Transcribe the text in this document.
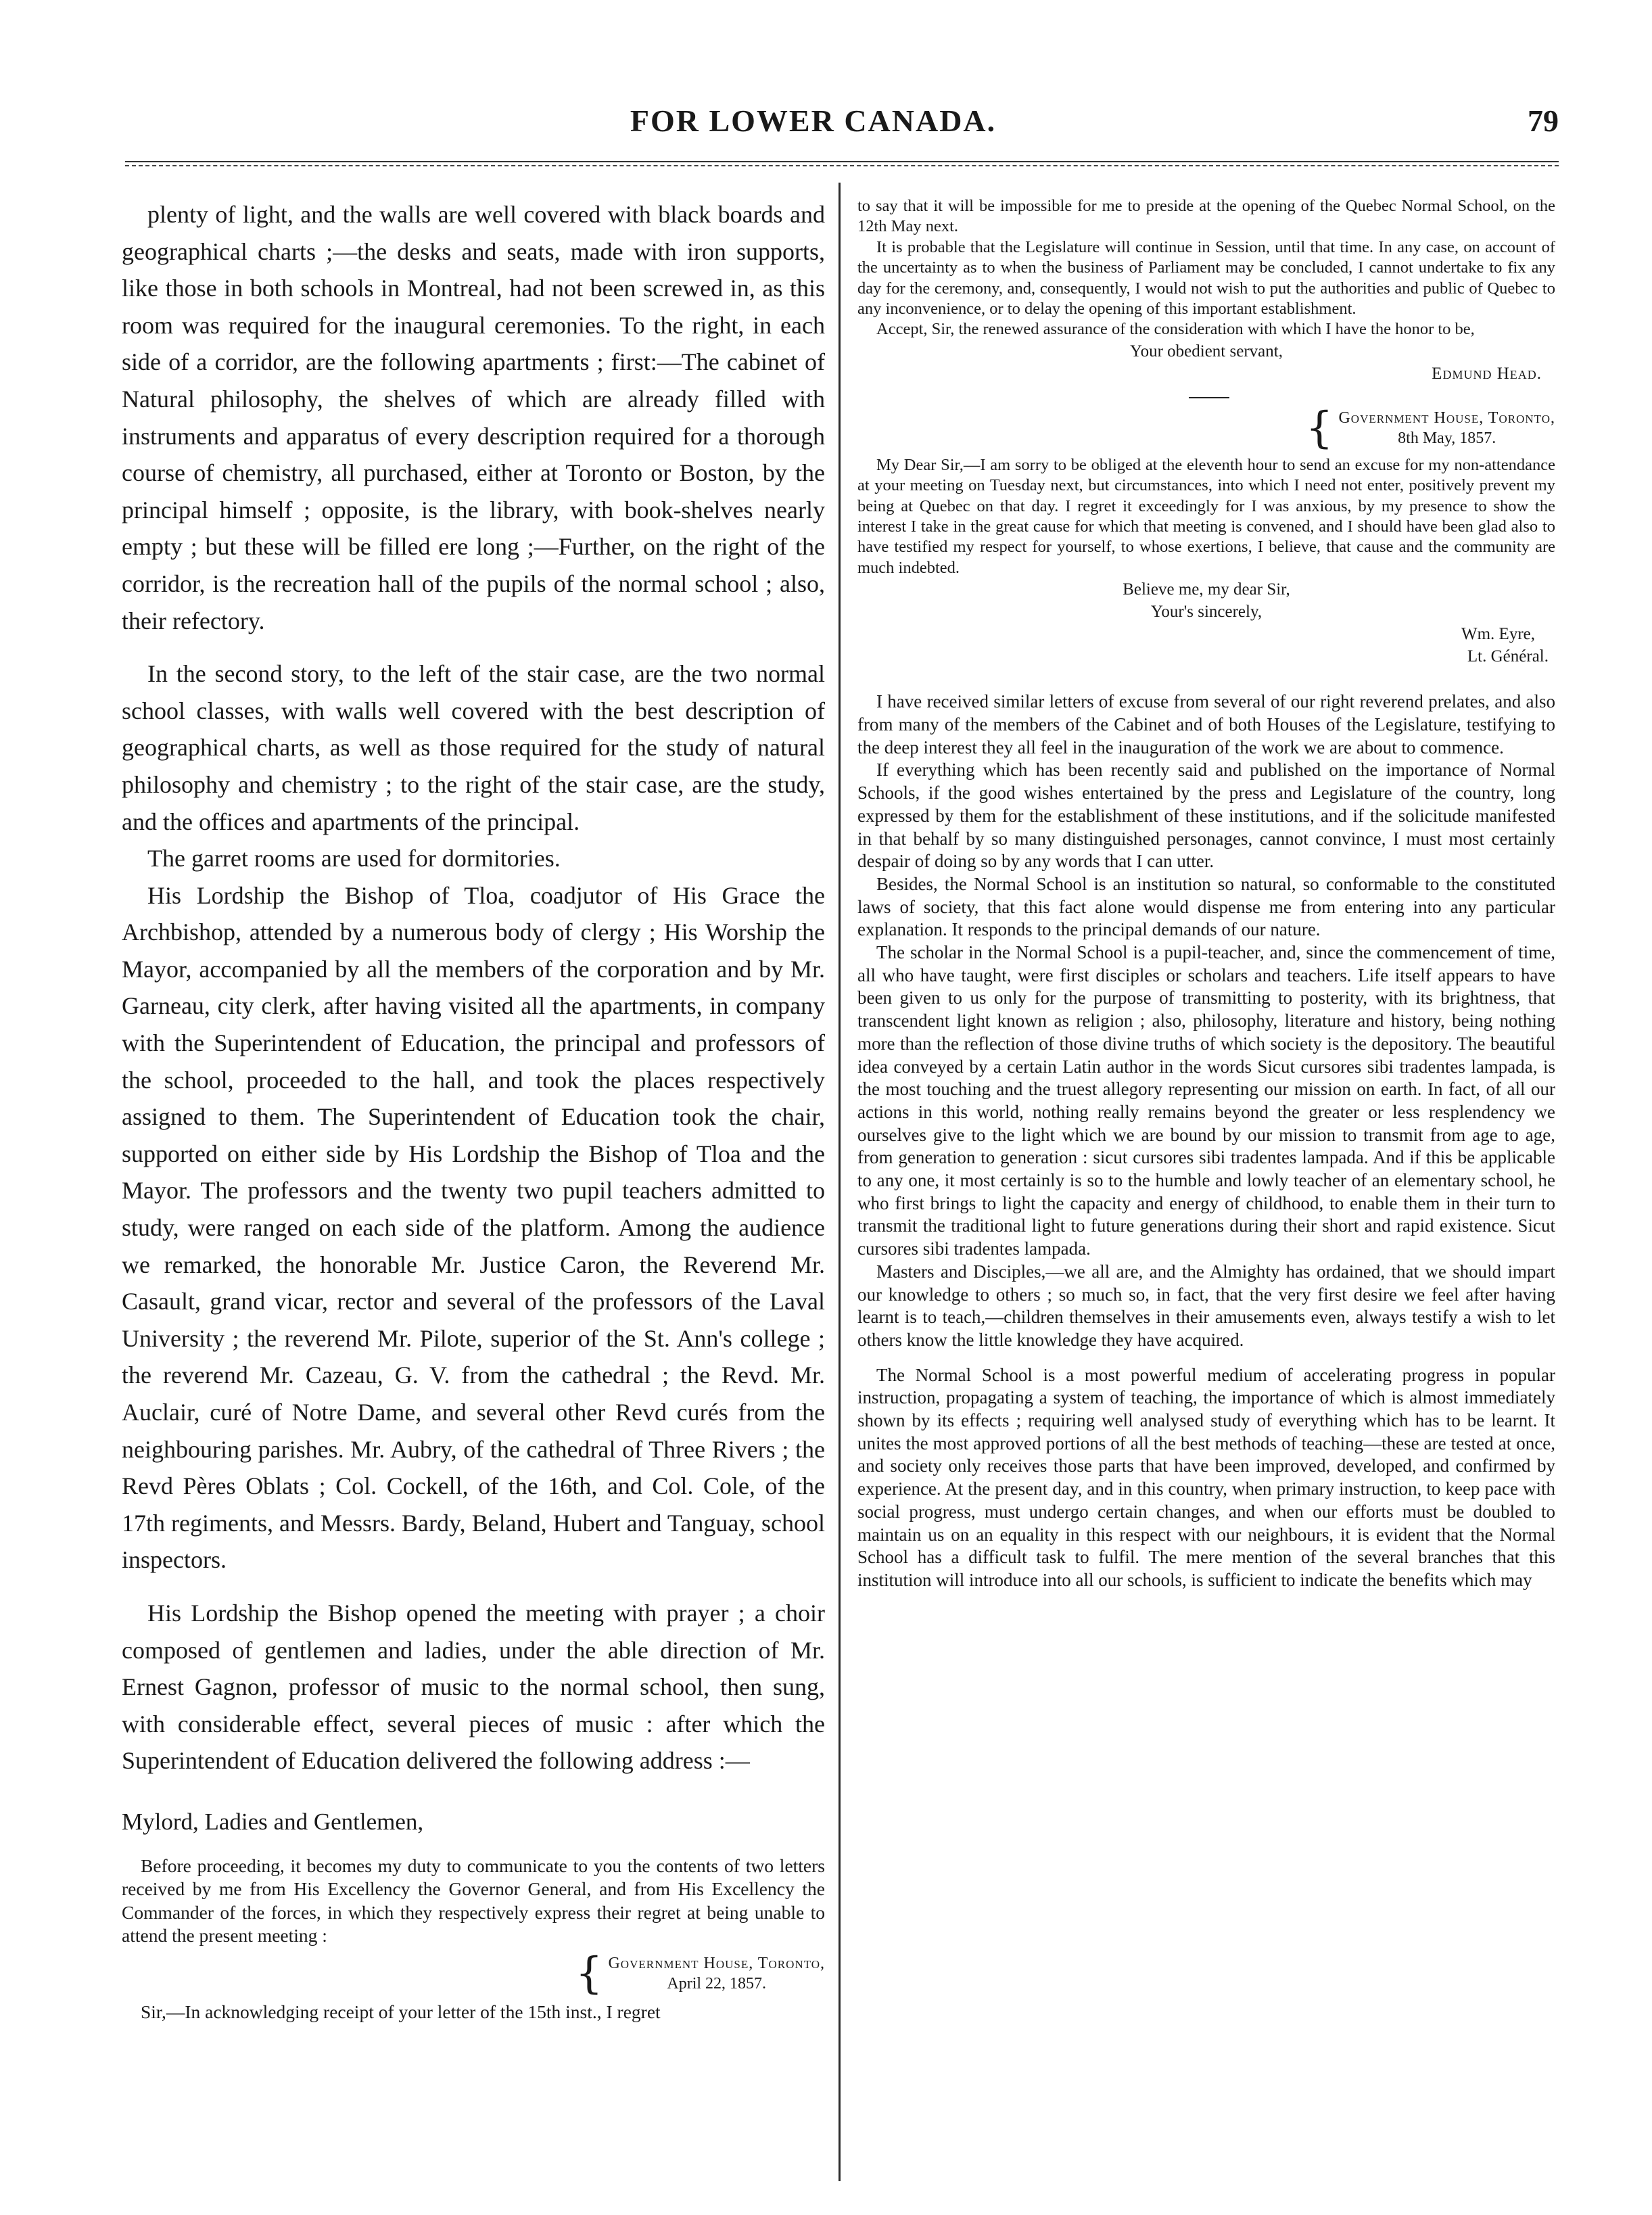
FOR LOWER CANADA.	79

plenty of light, and the walls are well covered with black boards and geographical charts ;—the desks and seats, made with iron supports, like those in both schools in Montreal, had not been screwed in, as this room was required for the inaugural ceremonies. To the right, in each side of a corridor, are the following apartments ; first:—The cabinet of Natural philosophy, the shelves of which are already filled with instruments and apparatus of every description required for a thorough course of chemistry, all purchased, either at Toronto or Boston, by the principal himself ; opposite, is the library, with book-shelves nearly empty ; but these will be filled ere long ;—Further, on the right of the corridor, is the recreation hall of the pupils of the normal school ; also, their refectory.

In the second story, to the left of the stair case, are the two normal school classes, with walls well covered with the best description of geographical charts, as well as those required for the study of natural philosophy and chemistry ; to the right of the stair case, are the study, and the offices and apartments of the principal.

The garret rooms are used for dormitories.

His Lordship the Bishop of Tloa, coadjutor of His Grace the Archbishop, attended by a numerous body of clergy ; His Worship the Mayor, accompanied by all the members of the corporation and by Mr. Garneau, city clerk, after having visited all the apartments, in company with the Superintendent of Education, the principal and professors of the school, proceeded to the hall, and took the places respectively assigned to them. The Superintendent of Education took the chair, supported on either side by His Lordship the Bishop of Tloa and the Mayor. The professors and the twenty two pupil teachers admitted to study, were ranged on each side of the platform. Among the audience we remarked, the honorable Mr. Justice Caron, the Reverend Mr. Casault, grand vicar, rector and several of the professors of the Laval University ; the reverend Mr. Pilote, superior of the St. Ann's college ; the reverend Mr. Cazeau, G. V. from the cathedral ; the Revd. Mr. Auclair, curé of Notre Dame, and several other Revd curés from the neighbouring parishes. Mr. Aubry, of the cathedral of Three Rivers ; the Revd Pères Oblats ; Col. Cockell, of the 16th, and Col. Cole, of the 17th regiments, and Messrs. Bardy, Beland, Hubert and Tanguay, school inspectors.

His Lordship the Bishop opened the meeting with prayer ; a choir composed of gentlemen and ladies, under the able direction of Mr. Ernest Gagnon, professor of music to the normal school, then sung, with considerable effect, several pieces of music : after which the Superintendent of Education delivered the following address :—

Mylord, Ladies and Gentlemen,

Before proceeding, it becomes my duty to communicate to you the contents of two letters received by me from His Excellency the Governor General, and from His Excellency the Commander of the forces, in which they respectively express their regret at being unable to attend the present meeting :

{ Government House, Toronto,
April 22, 1857.

Sir,—In acknowledging receipt of your letter of the 15th inst., I regret

to say that it will be impossible for me to preside at the opening of the Quebec Normal School, on the 12th May next.

It is probable that the Legislature will continue in Session, until that time. In any case, on account of the uncertainty as to when the business of Parliament may be concluded, I cannot undertake to fix any day for the ceremony, and, consequently, I would not wish to put the authorities and public of Quebec to any inconvenience, or to delay the opening of this important establishment.

Accept, Sir, the renewed assurance of the consideration with which I have the honor to be,

Your obedient servant,
Edmund Head.
{ Government House, Toronto,
8th May, 1857.

My Dear Sir,—I am sorry to be obliged at the eleventh hour to send an excuse for my non-attendance at your meeting on Tuesday next, but circumstances, into which I need not enter, positively prevent my being at Quebec on that day. I regret it exceedingly for I was anxious, by my presence to show the interest I take in the great cause for which that meeting is convened, and I should have been glad also to have testified my respect for yourself, to whose exertions, I believe, that cause and the community are much indebted.

Believe me, my dear Sir,
Your's sincerely,
Wm. Eyre,
Lt. Général.

I have received similar letters of excuse from several of our right reverend prelates, and also from many of the members of the Cabinet and of both Houses of the Legislature, testifying to the deep interest they all feel in the inauguration of the work we are about to commence.

If everything which has been recently said and published on the importance of Normal Schools, if the good wishes entertained by the press and Legislature of the country, long expressed by them for the establishment of these institutions, and if the solicitude manifested in that behalf by so many distinguished personages, cannot convince, I must most certainly despair of doing so by any words that I can utter.

Besides, the Normal School is an institution so natural, so conformable to the constituted laws of society, that this fact alone would dispense me from entering into any particular explanation. It responds to the principal demands of our nature.

The scholar in the Normal School is a pupil-teacher, and, since the commencement of time, all who have taught, were first disciples or scholars and teachers. Life itself appears to have been given to us only for the purpose of transmitting to posterity, with its brightness, that transcendent light known as religion ; also, philosophy, literature and history, being nothing more than the reflection of those divine truths of which society is the depository. The beautiful idea conveyed by a certain Latin author in the words Sicut cursores sibi tradentes lampada, is the most touching and the truest allegory representing our mission on earth. In fact, of all our actions in this world, nothing really remains beyond the greater or less resplendency we ourselves give to the light which we are bound by our mission to transmit from age to age, from generation to generation : sicut cursores sibi tradentes lampada. And if this be applicable to any one, it most certainly is so to the humble and lowly teacher of an elementary school, he who first brings to light the capacity and energy of childhood, to enable them in their turn to transmit the traditional light to future generations during their short and rapid existence. Sicut cursores sibi tradentes lampada.

Masters and Disciples,—we all are, and the Almighty has ordained, that we should impart our knowledge to others ; so much so, in fact, that the very first desire we feel after having learnt is to teach,—children themselves in their amusements even, always testify a wish to let others know the little knowledge they have acquired.

The Normal School is a most powerful medium of accelerating progress in popular instruction, propagating a system of teaching, the importance of which is almost immediately shown by its effects ; requiring well analysed study of everything which has to be learnt. It unites the most approved portions of all the best methods of teaching—these are tested at once, and society only receives those parts that have been improved, developed, and confirmed by experience. At the present day, and in this country, when primary instruction, to keep pace with social progress, must undergo certain changes, and when our efforts must be doubled to maintain us on an equality in this respect with our neighbours, it is evident that the Normal School has a difficult task to fulfil. The mere mention of the several branches that this institution will introduce into all our schools, is sufficient to indicate the benefits which may
